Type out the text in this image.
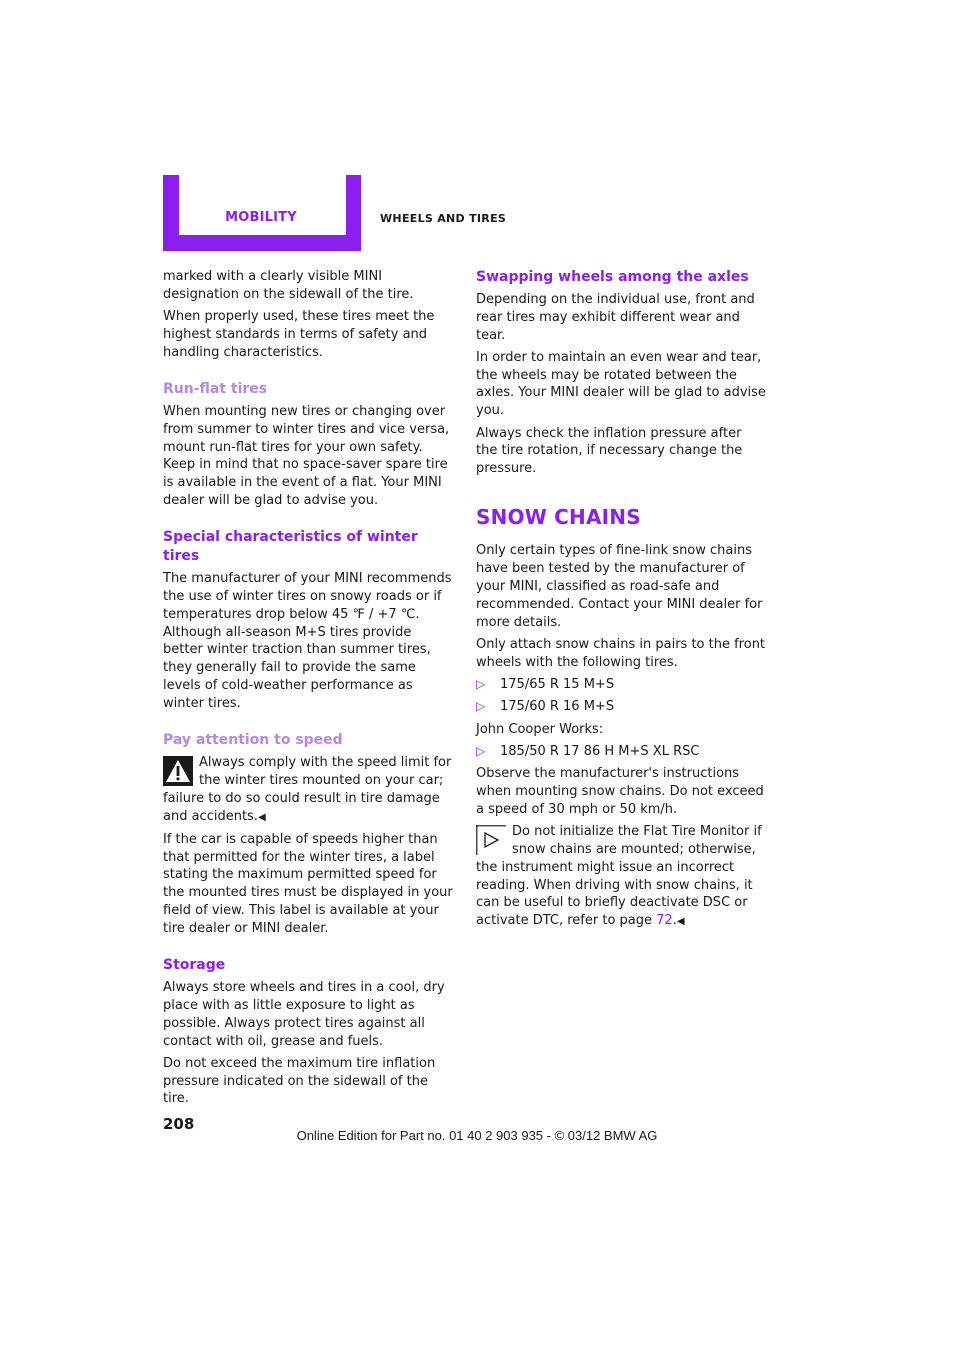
MOBILITY	WHEELS AND TIRES

marked with a clearly visible MINI designation on the sidewall of the tire.

When properly used, these tires meet the highest standards in terms of safety and handling characteristics.

Run-flat tires

When mounting new tires or changing over from summer to winter tires and vice versa, mount run-flat tires for your own safety. Keep in mind that no space-saver spare tire is available in the event of a flat. Your MINI dealer will be glad to advise you.

Special characteristics of winter tires

The manufacturer of your MINI recommends the use of winter tires on snowy roads or if temperatures drop below 45 ℉ / +7 ℃. Although all-season M+S tires provide better winter traction than summer tires, they generally fail to provide the same levels of cold-weather performance as winter tires.

Pay attention to speed

Always comply with the speed limit for the winter tires mounted on your car; failure to do so could result in tire damage and accidents.◀

If the car is capable of speeds higher than that permitted for the winter tires, a label stating the maximum permitted speed for the mounted tires must be displayed in your field of view. This label is available at your tire dealer or MINI dealer.

Storage

Always store wheels and tires in a cool, dry place with as little exposure to light as possible. Always protect tires against all contact with oil, grease and fuels.

Do not exceed the maximum tire inflation pressure indicated on the sidewall of the tire.

Swapping wheels among the axles

Depending on the individual use, front and rear tires may exhibit different wear and tear.

In order to maintain an even wear and tear, the wheels may be rotated between the axles. Your MINI dealer will be glad to advise you.

Always check the inflation pressure after the tire rotation, if necessary change the pressure.

SNOW CHAINS

Only certain types of fine-link snow chains have been tested by the manufacturer of your MINI, classified as road-safe and recommended. Contact your MINI dealer for more details.

Only attach snow chains in pairs to the front wheels with the following tires.

▷ 175/65 R 15 M+S
▷ 175/60 R 16 M+S

John Cooper Works:

▷ 185/50 R 17 86 H M+S XL RSC

Observe the manufacturer's instructions when mounting snow chains. Do not exceed a speed of 30 mph or 50 km/h.

Do not initialize the Flat Tire Monitor if snow chains are mounted; otherwise, the instrument might issue an incorrect reading. When driving with snow chains, it can be useful to briefly deactivate DSC or activate DTC, refer to page 72.◀

208
Online Edition for Part no. 01 40 2 903 935 - © 03/12 BMW AG
